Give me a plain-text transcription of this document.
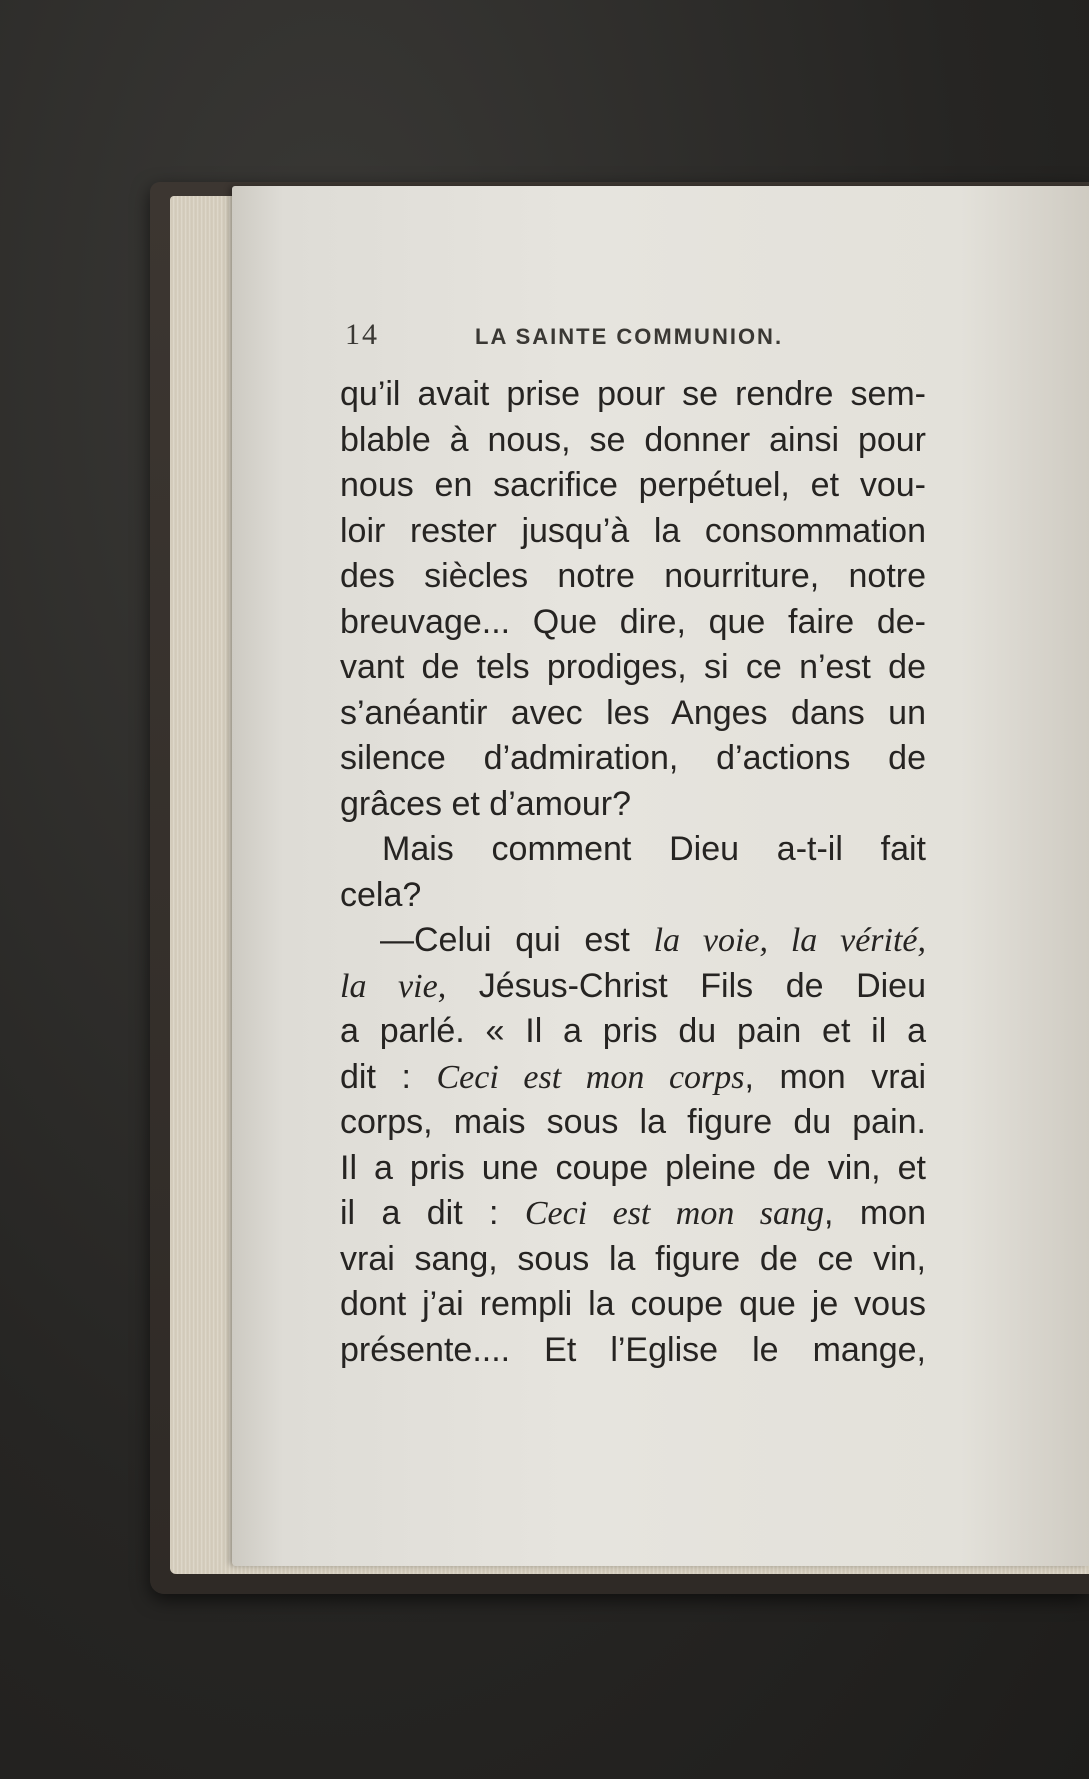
14	LA SAINTE COMMUNION.
qu’il avait prise pour se rendre sem-
blable à nous, se donner ainsi pour
nous en sacrifice perpétuel, et vou-
loir rester jusqu’à la consommation
des siècles notre nourriture, notre
breuvage... Que dire, que faire de-
vant de tels prodiges, si ce n’est de
s’anéantir avec les Anges dans un
silence d’admiration, d’actions de
grâces et d’amour?
Mais comment Dieu a-t-il fait
cela?
—Celui qui est la voie, la vérité,
la vie, Jésus-Christ Fils de Dieu
a parlé. « Il a pris du pain et il a
dit : Ceci est mon corps, mon vrai
corps, mais sous la figure du pain.
Il a pris une coupe pleine de vin, et
il a dit : Ceci est mon sang, mon
vrai sang, sous la figure de ce vin,
dont j’ai rempli la coupe que je vous
présente.... Et l’Eglise le mange,
